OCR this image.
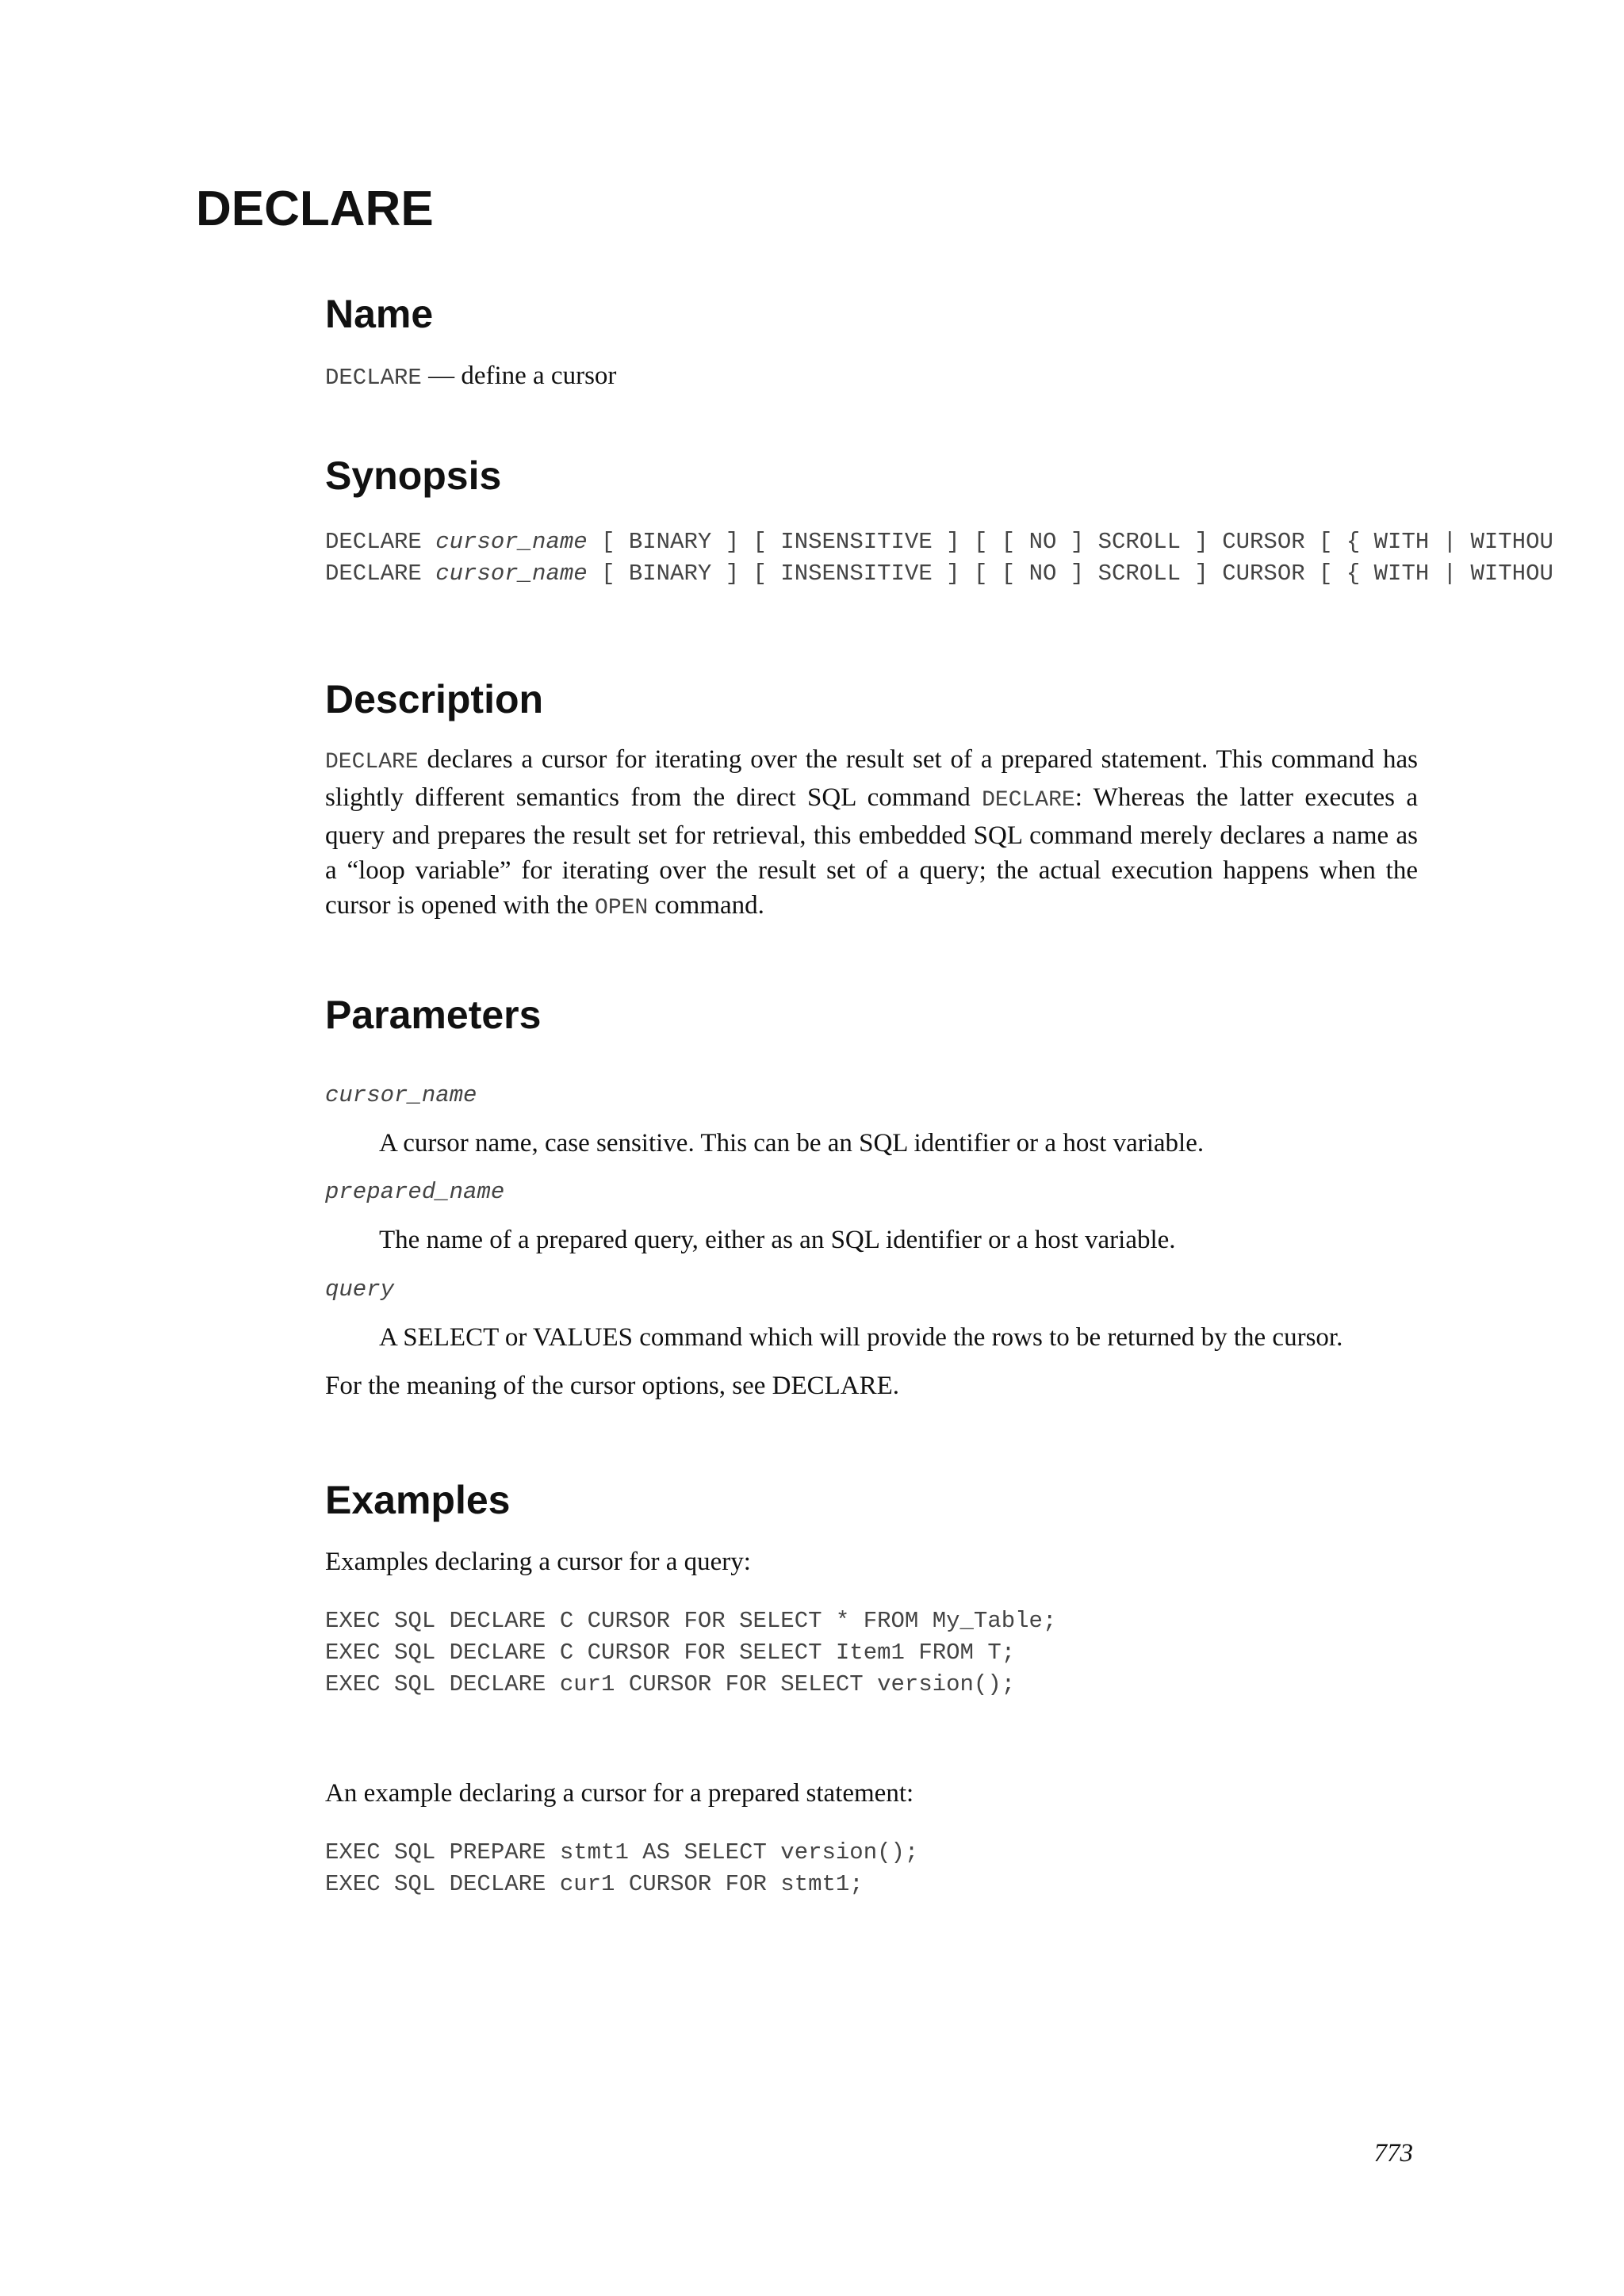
DECLARE
Name
DECLARE — define a cursor
Synopsis
DECLARE cursor_name [ BINARY ] [ INSENSITIVE ] [ [ NO ] SCROLL ] CURSOR [ { WITH | WITHOU
DECLARE cursor_name [ BINARY ] [ INSENSITIVE ] [ [ NO ] SCROLL ] CURSOR [ { WITH | WITHOU
Description
DECLARE declares a cursor for iterating over the result set of a prepared statement. This command has slightly different semantics from the direct SQL command DECLARE: Whereas the latter executes a query and prepares the result set for retrieval, this embedded SQL command merely declares a name as a “loop variable” for iterating over the result set of a query; the actual execution happens when the cursor is opened with the OPEN command.
Parameters
cursor_name
A cursor name, case sensitive. This can be an SQL identifier or a host variable.
prepared_name
The name of a prepared query, either as an SQL identifier or a host variable.
query
A SELECT or VALUES command which will provide the rows to be returned by the cursor.
For the meaning of the cursor options, see DECLARE.
Examples
Examples declaring a cursor for a query:
EXEC SQL DECLARE C CURSOR FOR SELECT * FROM My_Table;
EXEC SQL DECLARE C CURSOR FOR SELECT Item1 FROM T;
EXEC SQL DECLARE cur1 CURSOR FOR SELECT version();
An example declaring a cursor for a prepared statement:
EXEC SQL PREPARE stmt1 AS SELECT version();
EXEC SQL DECLARE cur1 CURSOR FOR stmt1;
773
